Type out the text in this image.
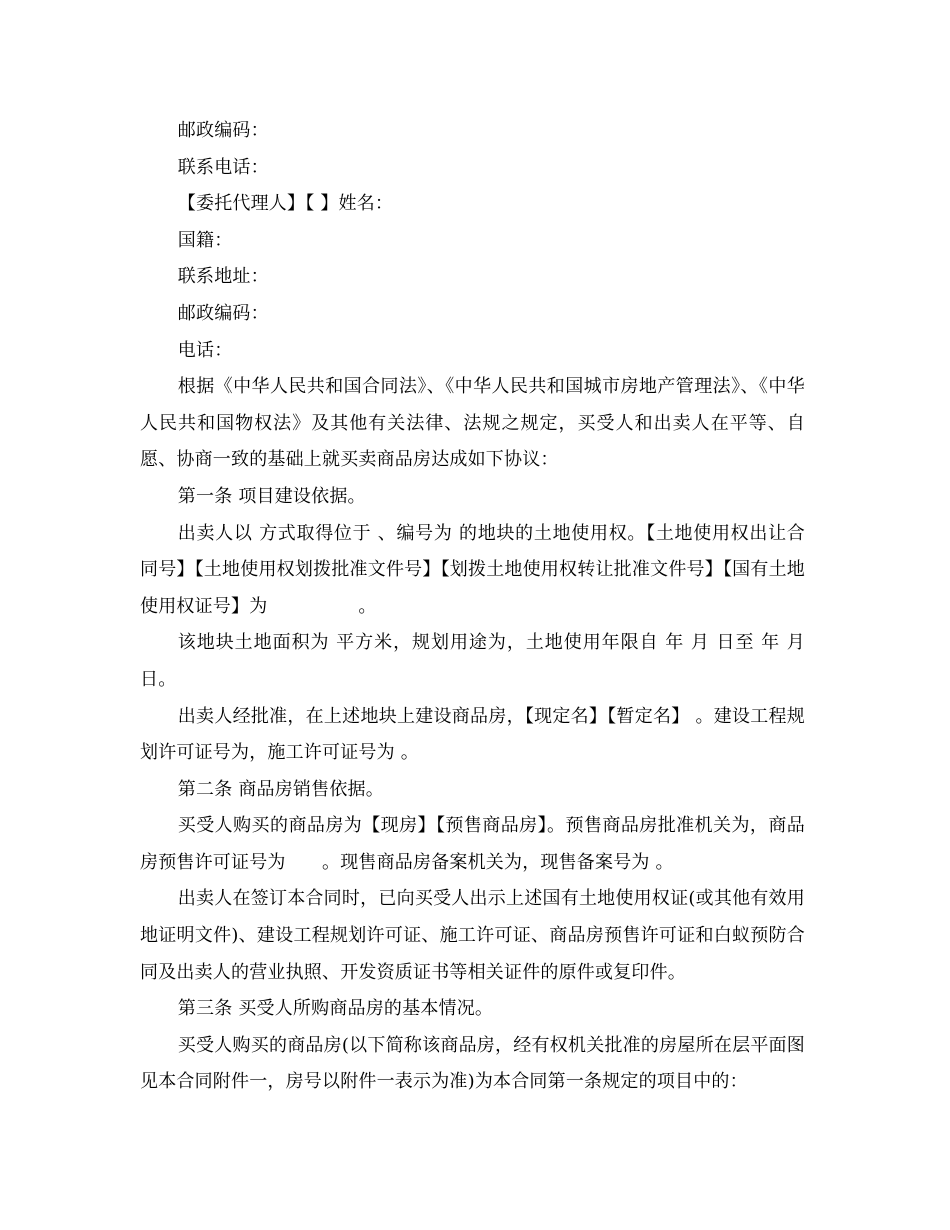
邮政编码：

联系电话：

【委托代理人】【 】姓名：

国籍：

联系地址：

邮政编码：

电话：

根据《中华人民共和国合同法》、《中华人民共和国城市房地产管理法》、《中华人民共和国物权法》及其他有关法律、法规之规定，买受人和出卖人在平等、自愿、协商一致的基础上就买卖商品房达成如下协议：

第一条 项目建设依据。

出卖人以 方式取得位于 、编号为 的地块的土地使用权。【土地使用权出让合同号】【土地使用权划拨批准文件号】【划拨土地使用权转让批准文件号】【国有土地使用权证号】为　　　　　。

该地块土地面积为 平方米，规划用途为，土地使用年限自 年 月 日至 年 月 日。

出卖人经批准，在上述地块上建设商品房，【现定名】【暂定名】 。建设工程规划许可证号为，施工许可证号为 。

第二条 商品房销售依据。

买受人购买的商品房为【现房】【预售商品房】。预售商品房批准机关为，商品房预售许可证号为　　。现售商品房备案机关为，现售备案号为 。

出卖人在签订本合同时，已向买受人出示上述国有土地使用权证(或其他有效用地证明文件)、建设工程规划许可证、施工许可证、商品房预售许可证和白蚁预防合同及出卖人的营业执照、开发资质证书等相关证件的原件或复印件。

第三条 买受人所购商品房的基本情况。

买受人购买的商品房(以下简称该商品房，经有权机关批准的房屋所在层平面图见本合同附件一，房号以附件一表示为准)为本合同第一条规定的项目中的：
